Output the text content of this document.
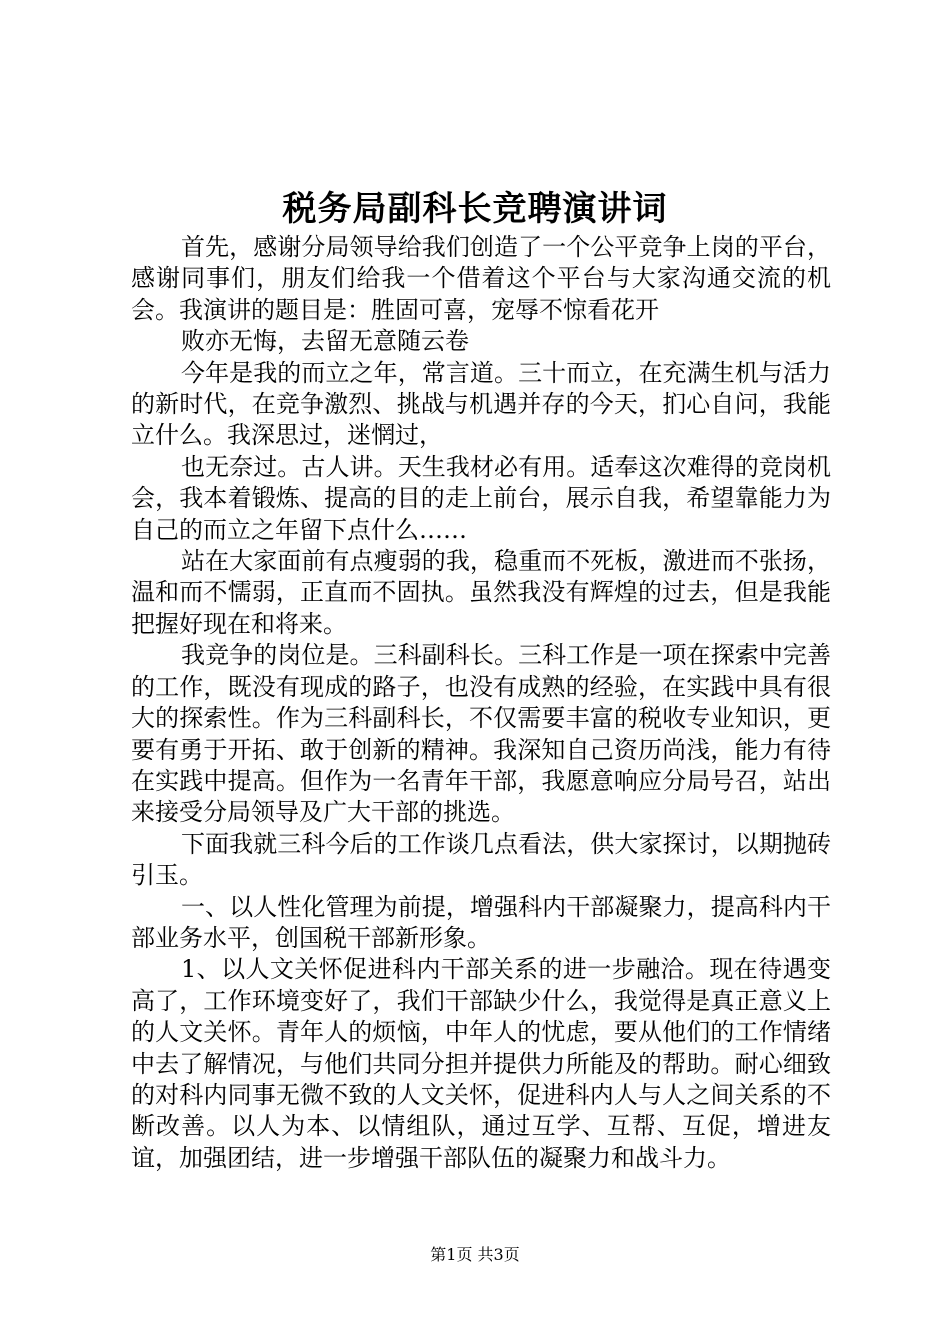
税务局副科长竞聘演讲词

首先，感谢分局领导给我们创造了一个公平竞争上岗的平台，感谢同事们，朋友们给我一个借着这个平台与大家沟通交流的机会。我演讲的题目是：胜固可喜，宠辱不惊看花开

败亦无悔，去留无意随云卷

今年是我的而立之年，常言道。三十而立，在充满生机与活力的新时代，在竞争激烈、挑战与机遇并存的今天，扪心自问，我能立什么。我深思过，迷惘过，

也无奈过。古人讲。天生我材必有用。适奉这次难得的竞岗机会，我本着锻炼、提高的目的走上前台，展示自我，希望靠能力为自己的而立之年留下点什么……

站在大家面前有点瘦弱的我，稳重而不死板，激进而不张扬，温和而不懦弱，正直而不固执。虽然我没有辉煌的过去，但是我能把握好现在和将来。

我竞争的岗位是。三科副科长。三科工作是一项在探索中完善的工作，既没有现成的路子，也没有成熟的经验，在实践中具有很大的探索性。作为三科副科长，不仅需要丰富的税收专业知识，更要有勇于开拓、敢于创新的精神。我深知自己资历尚浅，能力有待在实践中提高。但作为一名青年干部，我愿意响应分局号召，站出来接受分局领导及广大干部的挑选。

下面我就三科今后的工作谈几点看法，供大家探讨，以期抛砖引玉。

一、以人性化管理为前提，增强科内干部凝聚力，提高科内干部业务水平，创国税干部新形象。

1、以人文关怀促进科内干部关系的进一步融洽。现在待遇变高了，工作环境变好了，我们干部缺少什么，我觉得是真正意义上的人文关怀。青年人的烦恼，中年人的忧虑，要从他们的工作情绪中去了解情况，与他们共同分担并提供力所能及的帮助。耐心细致的对科内同事无微不致的人文关怀，促进科内人与人之间关系的不断改善。以人为本、以情组队，通过互学、互帮、互促，增进友谊，加强团结，进一步增强干部队伍的凝聚力和战斗力。

第1页 共3页
